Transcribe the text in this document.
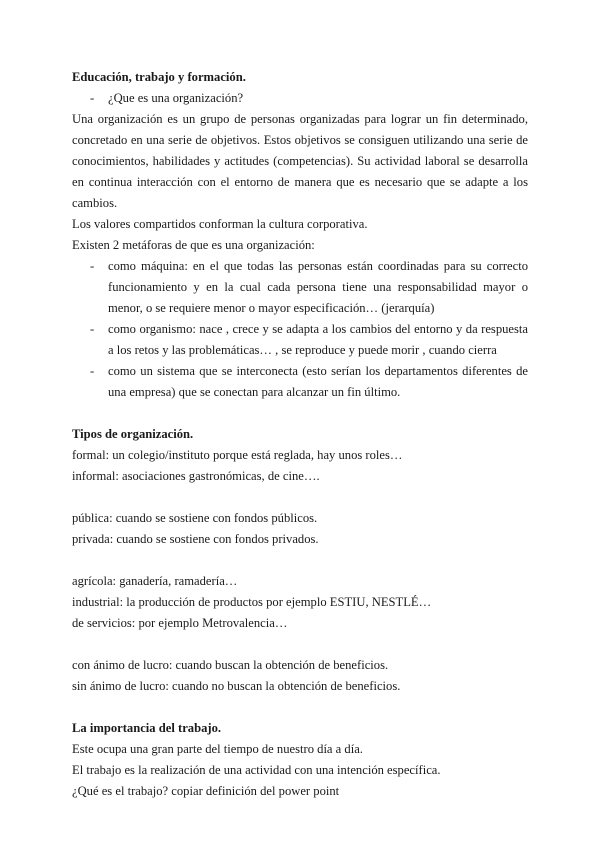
Educación, trabajo y formación.

- ¿Que es una organización?

Una organización es un grupo de personas organizadas para lograr un fin determinado, concretado en una serie de objetivos. Estos objetivos se consiguen utilizando una serie de conocimientos, habilidades y actitudes (competencias). Su actividad laboral se desarrolla en continua interacción con el entorno de manera que es necesario que se adapte a los cambios.

Los valores compartidos conforman la cultura corporativa.

Existen 2 metáforas de que es una organización:

- como máquina: en el que todas las personas están coordinadas para su correcto funcionamiento y en la cual cada persona tiene una responsabilidad mayor o menor, o se requiere menor o mayor especificación… (jerarquía)
- como organismo: nace , crece y se adapta a los cambios del entorno y da respuesta a los retos y las problemáticas… , se reproduce y puede morir , cuando cierra
- como un sistema que se interconecta (esto serían los departamentos diferentes de una empresa) que se conectan para alcanzar un fin último.

Tipos de organización.

formal: un colegio/instituto porque está reglada, hay unos roles…

informal: asociaciones gastronómicas, de cine….

pública: cuando se sostiene con fondos públicos.

privada: cuando se sostiene con fondos privados.

agrícola: ganadería, ramadería…

industrial: la producción de productos por ejemplo ESTIU, NESTLÉ…

de servicios: por ejemplo Metrovalencia…

con ánimo de lucro: cuando buscan la obtención de beneficios.

sin ánimo de lucro: cuando no buscan la obtención de beneficios.

La importancia del trabajo.

Este ocupa una gran parte del tiempo de nuestro día a día.

El trabajo es la realización de una actividad con una intención específica.

¿Qué es el trabajo? copiar definición del power point
